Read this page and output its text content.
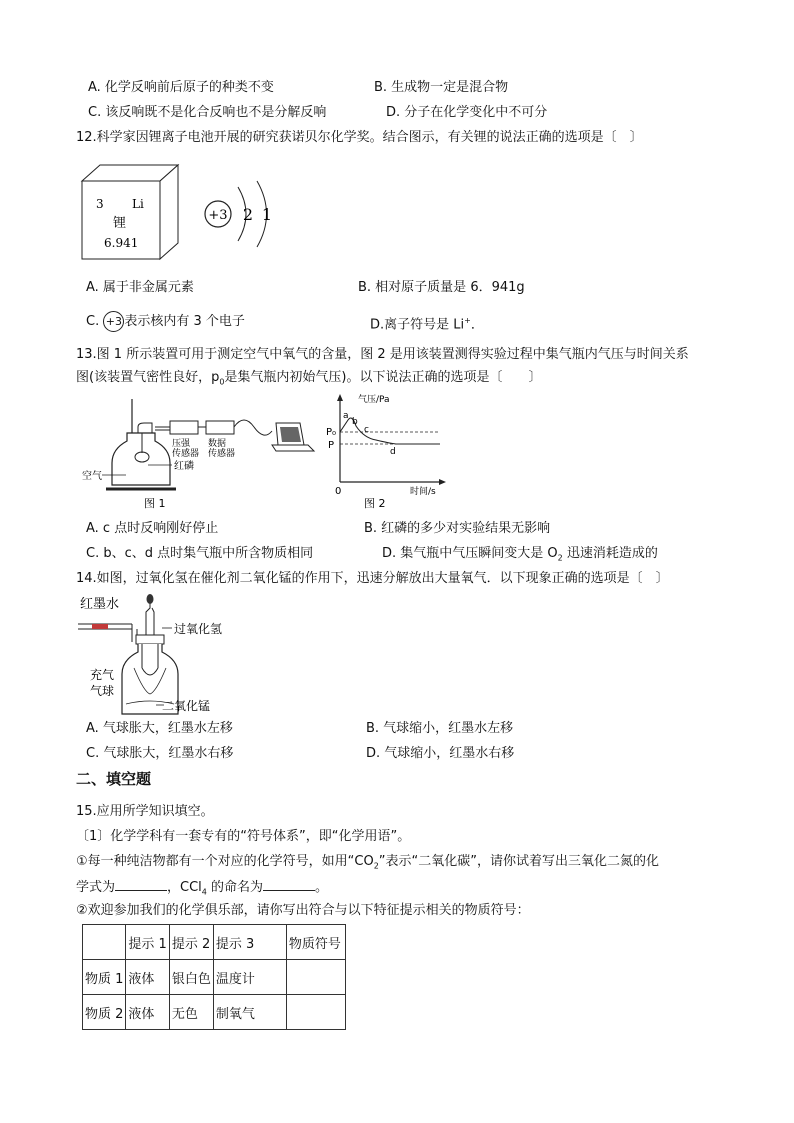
A. 化学反响前后原子的种类不变	B. 生成物一定是混合物
C. 该反响既不是化合反响也不是分解反响	D. 分子在化学变化中不可分
12.科学家因锂离子电池开展的研究获诺贝尔化学奖。结合图示，有关锂的说法正确的选项是〔　〕
3 Li
锂
6.941
+3 2 1
A. 属于非金属元素	B. 相对原子质量是 6．941g
C. +3 表示核内有 3 个电子	D.离子符号是 Li+．
13.图 1 所示装置可用于测定空气中氧气的含量，图 2 是用该装置测得实验过程中集气瓶内气压与时间关系
图(该装置气密性良好，$p_0$是集气瓶内初始气压)。以下说法正确的选项是〔　　〕
压强
传感器
数据
传感器
空气
红磷
图 1
气压/Pa
时间/s
0
P₀
P
a
b
c
d
图 2
A. c 点时反响刚好停止	B. 红磷的多少对实验结果无影响
C. b、c、d 点时集气瓶中所含物质相同	D. 集气瓶中气压瞬间变大是 $O_2$ 迅速消耗造成的
14.如图，过氧化氢在催化剂二氧化锰的作用下，迅速分解放出大量氧气．以下现象正确的选项是〔　〕
红墨水
过氧化氢
充气
气球
二氧化锰
A. 气球胀大，红墨水左移	B. 气球缩小，红墨水左移
C. 气球胀大，红墨水右移	D. 气球缩小，红墨水右移
二、填空题
15.应用所学知识填空。
〔1〕化学学科有一套专有的“符号体系”，即“化学用语”。
①每一种纯洁物都有一个对应的化学符号，如用“$CO_2$”表示“二氧化碳”，请你试着写出三氧化二氮的化
学式为	，CCl$_4$ 的命名为	。
②欢迎参加我们的化学俱乐部，请你写出符合与以下特征提示相关的物质符号：
	提示 1	提示 2	提示 3	物质符号
物质 1	液体	银白色	温度计	
物质 2	液体	无色	制氧气	
